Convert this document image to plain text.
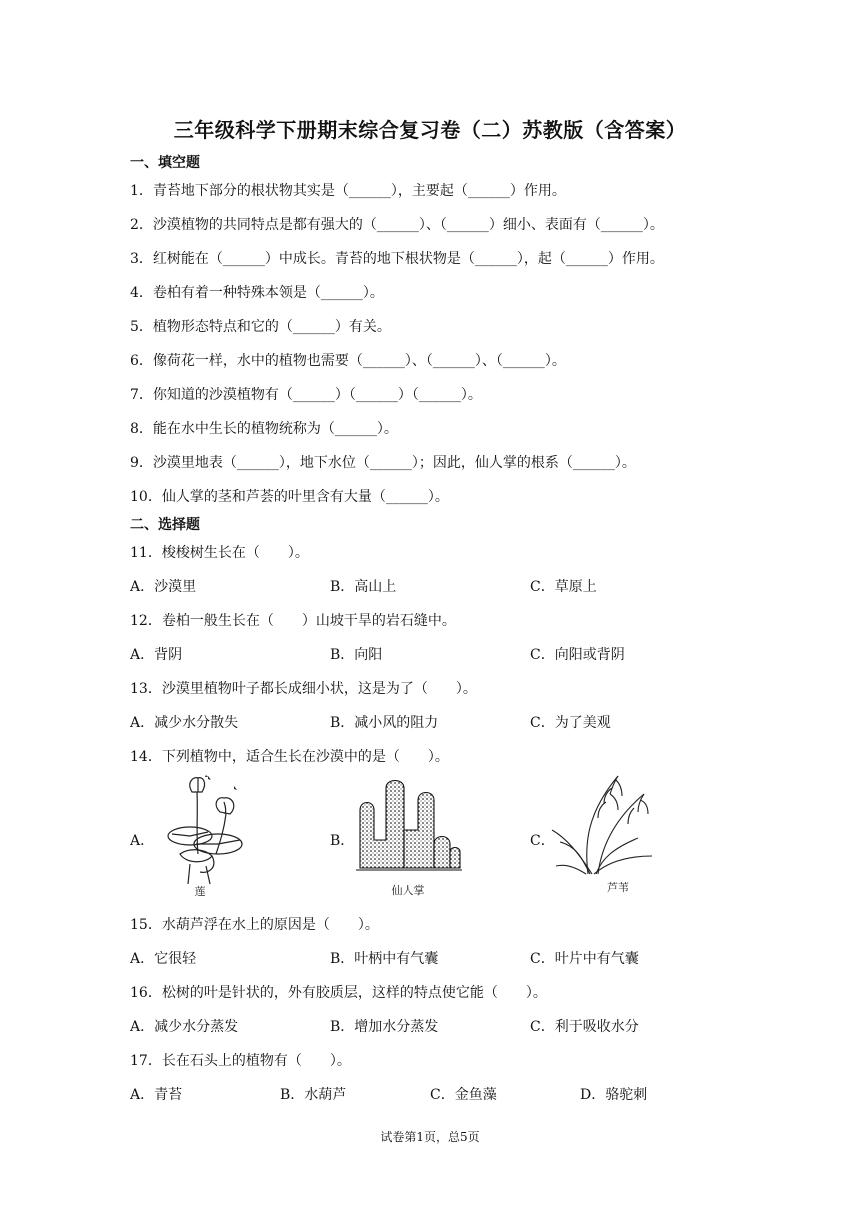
三年级科学下册期末综合复习卷（二）苏教版（含答案）
一、填空题
1．青苔地下部分的根状物其实是（______），主要起（______）作用。
2．沙漠植物的共同特点是都有强大的（______）、（______）细小、表面有（______）。
3．红树能在（______）中成长。青苔的地下根状物是（______），起（______）作用。
4．卷柏有着一种特殊本领是（______）。
5．植物形态特点和它的（______）有关。
6．像荷花一样，水中的植物也需要（______）、（______）、（______）。
7．你知道的沙漠植物有（______）（______）（______）。
8．能在水中生长的植物统称为（______）。
9．沙漠里地表（______），地下水位（______）；因此，仙人掌的根系（______）。
10．仙人掌的茎和芦荟的叶里含有大量（______）。
二、选择题
11．梭梭树生长在（　　）。
A．沙漠里	B．高山上	C．草原上
12．卷柏一般生长在（　　）山坡干旱的岩石缝中。
A．背阴	B．向阳	C．向阳或背阴
13．沙漠里植物叶子都长成细小状，这是为了（　　）。
A．减少水分散失	B．减小风的阻力	C．为了美观
14．下列植物中，适合生长在沙漠中的是（　　）。
A．	B．	C．
莲	仙人掌	芦苇
15．水葫芦浮在水上的原因是（　　）。
A．它很轻	B．叶柄中有气囊	C．叶片中有气囊
16．松树的叶是针状的，外有胶质层，这样的特点使它能（　　）。
A．减少水分蒸发	B．增加水分蒸发	C．利于吸收水分
17．长在石头上的植物有（　　）。
A．青苔	B．水葫芦	C．金鱼藻	D．骆驼刺
试卷第1页，总5页
